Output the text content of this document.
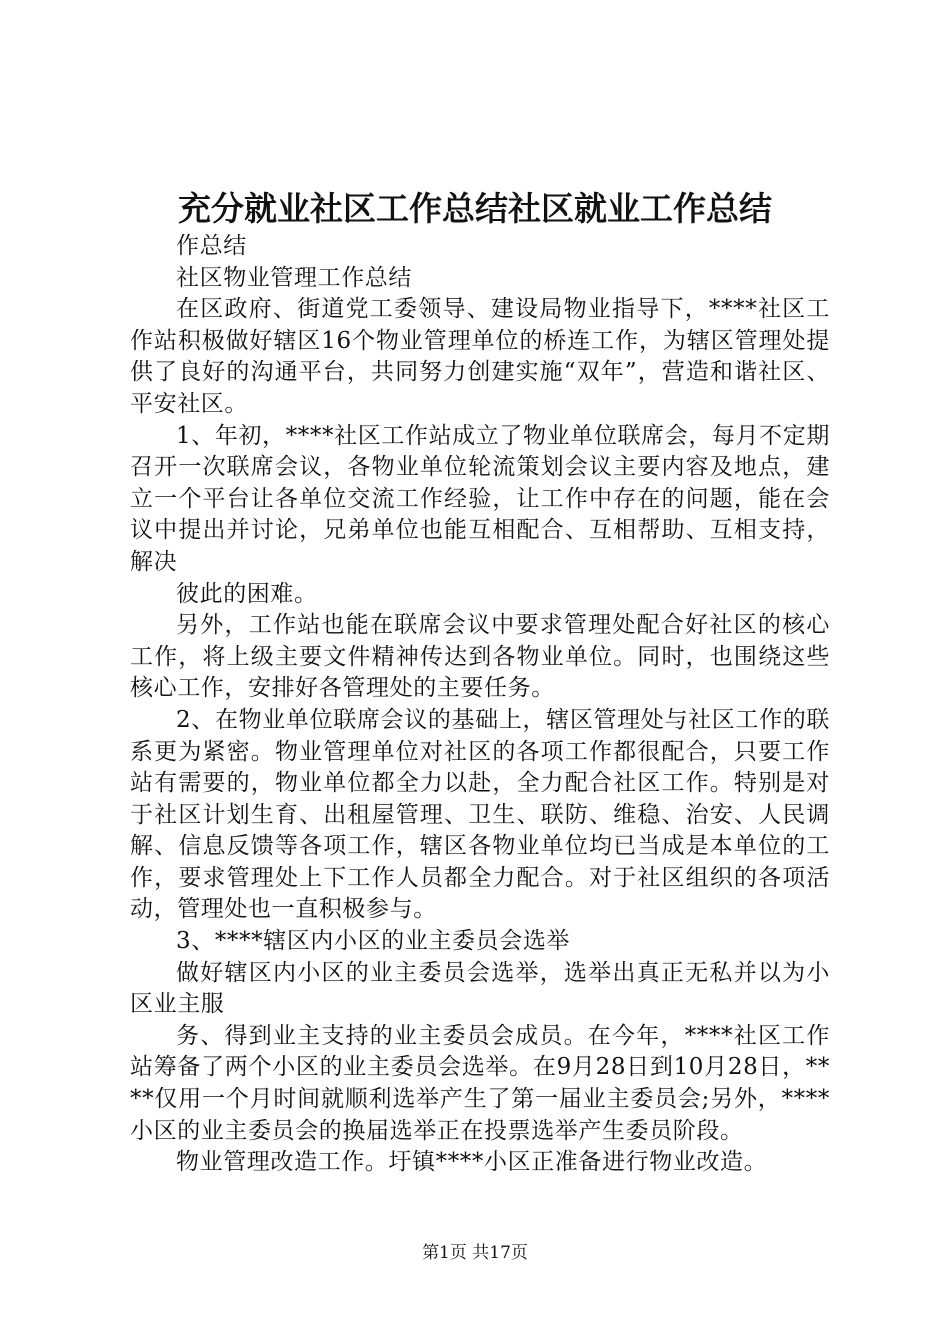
充分就业社区工作总结社区就业工作总结

作总结

社区物业管理工作总结

在区政府、街道党工委领导、建设局物业指导下，****社区工作站积极做好辖区16个物业管理单位的桥连工作，为辖区管理处提供了良好的沟通平台，共同努力创建实施“双年”，营造和谐社区、平安社区。

1、年初，****社区工作站成立了物业单位联席会，每月不定期召开一次联席会议，各物业单位轮流策划会议主要内容及地点，建立一个平台让各单位交流工作经验，让工作中存在的问题，能在会议中提出并讨论，兄弟单位也能互相配合、互相帮助、互相支持，解决

彼此的困难。

另外，工作站也能在联席会议中要求管理处配合好社区的核心工作，将上级主要文件精神传达到各物业单位。同时，也围绕这些核心工作，安排好各管理处的主要任务。

2、在物业单位联席会议的基础上，辖区管理处与社区工作的联系更为紧密。物业管理单位对社区的各项工作都很配合，只要工作站有需要的，物业单位都全力以赴，全力配合社区工作。特别是对于社区计划生育、出租屋管理、卫生、联防、维稳、治安、人民调解、信息反馈等各项工作，辖区各物业单位均已当成是本单位的工作，要求管理处上下工作人员都全力配合。对于社区组织的各项活动，管理处也一直积极参与。

3、****辖区内小区的业主委员会选举

做好辖区内小区的业主委员会选举，选举出真正无私并以为小区业主服

务、得到业主支持的业主委员会成员。在今年，****社区工作站筹备了两个小区的业主委员会选举。在9月28日到10月28日，****仅用一个月时间就顺利选举产生了第一届业主委员会;另外，****小区的业主委员会的换届选举正在投票选举产生委员阶段。

物业管理改造工作。圩镇****小区正准备进行物业改造。

第1页 共17页
